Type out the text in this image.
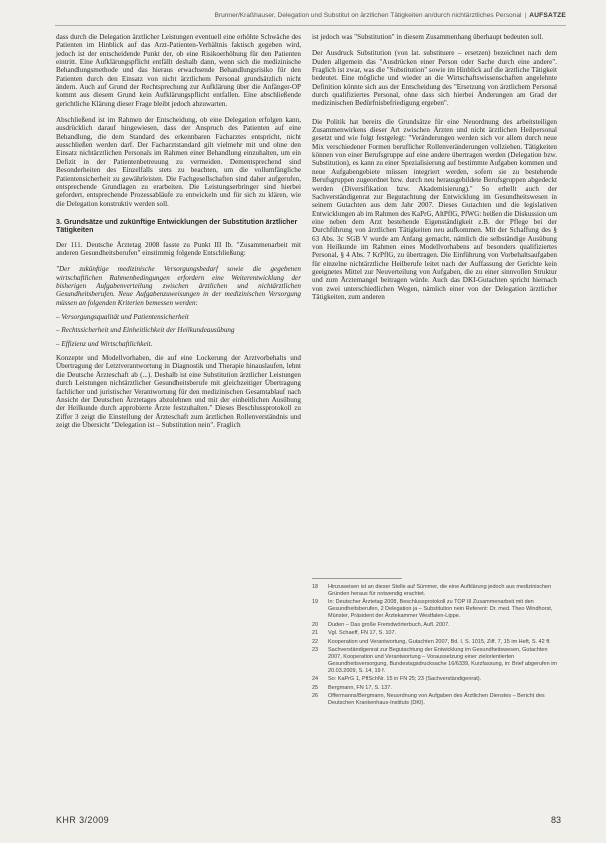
Brunner/Kraßhauser, Delegation und Substitut on ärztlichen Tätigkeiten an/durch nichtärztliches Personal | AUFSÄTZE

dass durch die Delegation ärztlicher Leistungen eventuell eine erhöhte Schwäche des Patienten im Hinblick auf das Arzt-Patienten-Verhältnis faktisch gegeben wird, jedoch ist der entscheidende Punkt der, ob eine Risikoerhöhung für den Patienten eintritt. Eine Aufklärungspflicht entfällt deshalb dann, wenn sich die medizinische Behandlungsmethode und das hieraus erwachsende Behandlungsrisiko für den Patienten durch den Einsatz von nicht ärztlichem Personal grundsätzlich nicht ändern. Auch auf Grund der Rechtsprechung zur Aufklärung über die Anfänger-OP kommt aus diesem Grund kein Aufklärungspflicht entfallen. Eine abschließende gerichtliche Klärung dieser Frage bleibt jedoch abzuwarten.

Abschließend ist im Rahmen der Entscheidung, ob eine Delegation erfolgen kann, ausdrücklich darauf hingewiesen, dass der Anspruch des Patienten auf eine Behandlung, die dem Standard des erkennbaren Facharztes entspricht, nicht ausschließen werden darf. Der Facharztstandard gilt vielmehr mit und ohne den Einsatz nichtärztlichen Personals im Rahmen einer Behandlung einzuhalten, um ein Defizit in der Patientenbetreuung zu vermeiden. Dementsprechend sind Besonderheiten des Einzelfalls stets zu beachten, um die vollumfängliche Patientensicherheit zu gewährleisten. Die Fachgesellschaften sind daher aufgerufen, entsprechende Grundlagen zu erarbeiten. Die Leistungserbringer sind hierbei gefordert, entsprechende Prozessabläufe zu entwickeln und für sich zu klären, wie die Delegation konstruktiv werden soll.

3. Grundsätze und zukünftige Entwicklungen der Substitution ärztlicher Tätigkeiten

Der 111. Deutsche Ärztetag 2008 fasste zu Punkt III Ib. "Zusammenarbeit mit anderen Gesundheitsberufen" einstimmig folgende Entschließung:

"Der zukünftige medizinische Versorgungsbedarf sowie die gegebenen wirtschaftlichen Rahmenbedingungen erfordern eine Weiterentwicklung der bisherigen Aufgabenverteilung zwischen ärztlichen und nichtärztlichen Gesundheitsberufen. Neue Aufgabenzuweisungen in der medizinischen Versorgung müssen an folgenden Kriterien bemessen werden:

– Versorgungsqualität und Patientensicherheit
– Rechtssicherheit und Einheitlichkeit der Heilkundeausübung
– Effizienz und Wirtschaftlichkeit.

Konzepte und Modellvorhaben, die auf eine Lockerung der Arztvorbehalts und Übertragung der Letztverantwortung in Diagnostik und Therapie hinauslaufen, lehnt die Deutsche Ärzteschaft ab (...). Deshalb ist eine Substitution ärztlicher Leistungen durch Leistungen nichtärztlicher Gesundheitsberufe mit gleichzeitiger Übertragung fachlicher und juristischer Verantwortung für den medizinischen Gesamtablauf nach Ansicht der Deutschen Ärztetages abzulehnen und mit der einheitlichen Ausübung der Heilkunde durch approbierte Ärzte festzuhalten." Dieses Beschlussprotokoll zu Ziffer 3 zeigt die Einstellung der Ärzteschaft zum ärztlichen Rollenverständnis und zeigt die Übersicht "Delegation ist – Substitution nein". Fraglich

ist jedoch was "Substitution" in diesem Zusammenhang überhaupt bedeuten soll.

Der Ausdruck Substitution (von lat. substituere – ersetzen) bezeichnet nach dem Duden allgemein das "Ausdrücken einer Person oder Sache durch eine andere". Fraglich ist zwar, was die "Substitution" sowie im Hinblick auf die ärztliche Tätigkeit bedeutet. Eine mögliche und wieder an die Wirtschaftswissenschaften angelehnte Definition könnte sich aus der Entscheidung des "Ersetzung von ärztlichem Personal durch qualifiziertes Personal, ohne dass sich hierbei Änderungen am Grad der medizinischen Bedürfnisbefriedigung ergeben".

Die Politik hat bereits die Grundsätze für eine Neuordnung des arbeitsteiligen Zusammenwirkens dieser Art zwischen Ärzten und nicht ärztlichen Heilpersonal gesetzt und wie folgt festgelegt: "Veränderungen werden sich vor allem durch neue Mix verschiedener Formen beruflicher Rollenveränderungen vollziehen. Tätigkeiten können von einer Berufsgruppe auf eine andere übertragen werden (Delegation bzw. Substitution), es kann zu einer Spezialisierung auf bestimmte Aufgaben kommen und neue Aufgabengebiete müssen integriert werden, sofern sie zu bestehende Berufsgruppen zugeordnet bzw. durch neu herausgebildete Berufsgruppen abgedeckt werden (Diversifikation bzw. Akademisierung)." So erhellt auch der Sachverständigenrat zur Begutachtung der Entwicklung im Gesundheitswesen in seinem Gutachten aus dem Jahr 2007. Dieses Gutachten und die legislativen Entwicklungen ab im Rahmen des KaPrG, AltPflG, PfWG: heißen die Diskussion um eine neben dem Arzt bestehende Eigenständigkeit z.B. der Pflege bei der Durchführung von ärztlichen Tätigkeiten neu aufkommen. Mit der Schaffung des § 63 Abs. 3c SGB V wurde am Anfang gemacht, nämlich die selbständige Ausübung von Heilkunde im Rahmen eines Modellvorhabens auf besonders qualifiziertes Personal, § 4 Abs. 7 KrPflG, zu übertragen. Die Einführung von Vorbehaltsaufgaben für einzelne nichtärztliche Heilberufe leitet nach der Auffassung der Gerichte kein geeignetes Mittel zur Neuverteilung von Aufgaben, die zu einer sinnvollen Struktur und zum Ärztemangel beitragen würde. Auch das DKI-Gutachten spricht hiernach von zwei unterschiedlichen Wegen, nämlich einer von der Delegation ärztlicher Tätigkeiten, zum anderen

18	Hinzuweisen ist an dieser Stelle auf Sümmer, die eine Aufklärung jedoch aus medizinischen Gründen heraus für notwendig erachtet.
19	In: Deutscher Ärztetag 2008, Beschlussprotokoll zu TOP III Zusammenarbeit mit den Gesundheitsberufen, 2 Delegation ja – Substitution nein Referent: Dr. med. Theo Windhorst, Münster, Präsident der Ärztekammer Westfalen-Lippe.
20	Duden – Das große Fremdwörterbuch, Aufl. 2007.
21	Vgl. Schaeff, FN 17, S. 107.
22	Kooperation und Verantwortung, Gutachten 2007, Bd. I, S. 1015, Ziff. 7, 15 im Heft, S. 42 ff.
23	Sachverständigenrat zur Begutachtung der Entwicklung im Gesundheitswesen, Gutachten 2007, Kooperation und Verantwortung – Voraussetzung einer zielorientierten Gesundheitsversorgung, Bundestagsdrucksache 16/6339, Kurzfassung, in: Brief abgerufen im 20.03.2009, S. 14, 19 f.
24	So: KaPrG 1, PflSchNr. 15 in FN 25; 23 (Sachverständigenrat).
25	Bergmann, FN 17, S. 137.
26	Offermanns/Bergmann, Neuordnung von Aufgaben des Ärztlichen Dienstes – Bericht des Deutschen Krankenhaus-Instituts (DKI).
KHR 3/2009	83
